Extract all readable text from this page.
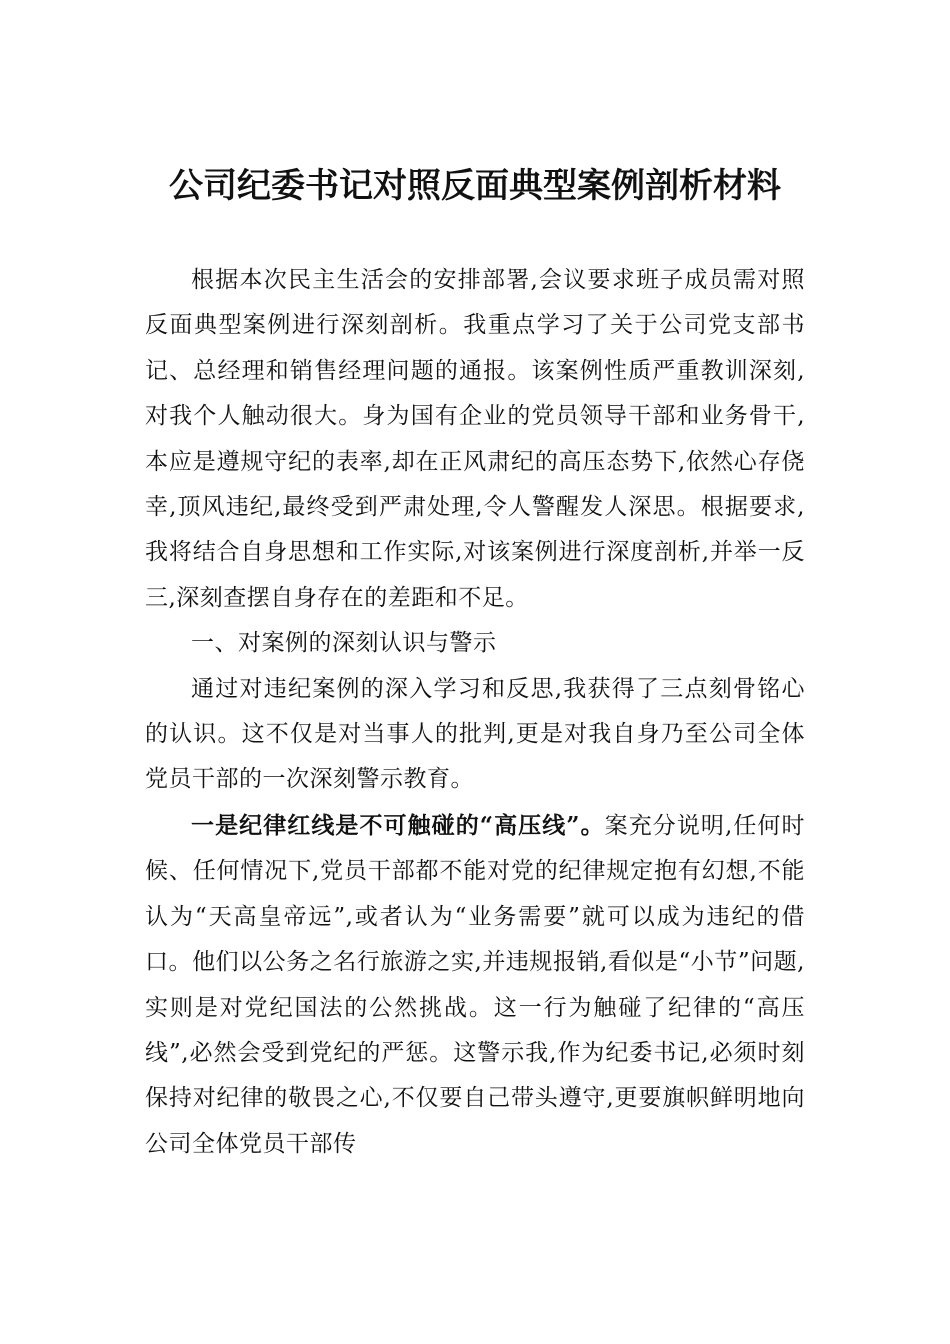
公司纪委书记对照反面典型案例剖析材料

根据本次民主生活会的安排部署,会议要求班子成员需对照反面典型案例进行深刻剖析。我重点学习了关于公司党支部书记、总经理和销售经理问题的通报。该案例性质严重教训深刻,对我个人触动很大。身为国有企业的党员领导干部和业务骨干,本应是遵规守纪的表率,却在正风肃纪的高压态势下,依然心存侥幸,顶风违纪,最终受到严肃处理,令人警醒发人深思。根据要求,我将结合自身思想和工作实际,对该案例进行深度剖析,并举一反三,深刻查摆自身存在的差距和不足。

一、对案例的深刻认识与警示

通过对违纪案例的深入学习和反思,我获得了三点刻骨铭心的认识。这不仅是对当事人的批判,更是对我自身乃至公司全体党员干部的一次深刻警示教育。

一是纪律红线是不可触碰的“高压线”。案充分说明,任何时候、任何情况下,党员干部都不能对党的纪律规定抱有幻想,不能认为“天高皇帝远”,或者认为“业务需要”就可以成为违纪的借口。他们以公务之名行旅游之实,并违规报销,看似是“小节”问题,实则是对党纪国法的公然挑战。这一行为触碰了纪律的“高压线”,必然会受到党纪的严惩。这警示我,作为纪委书记,必须时刻保持对纪律的敬畏之心,不仅要自己带头遵守,更要旗帜鲜明地向公司全体党员干部传
